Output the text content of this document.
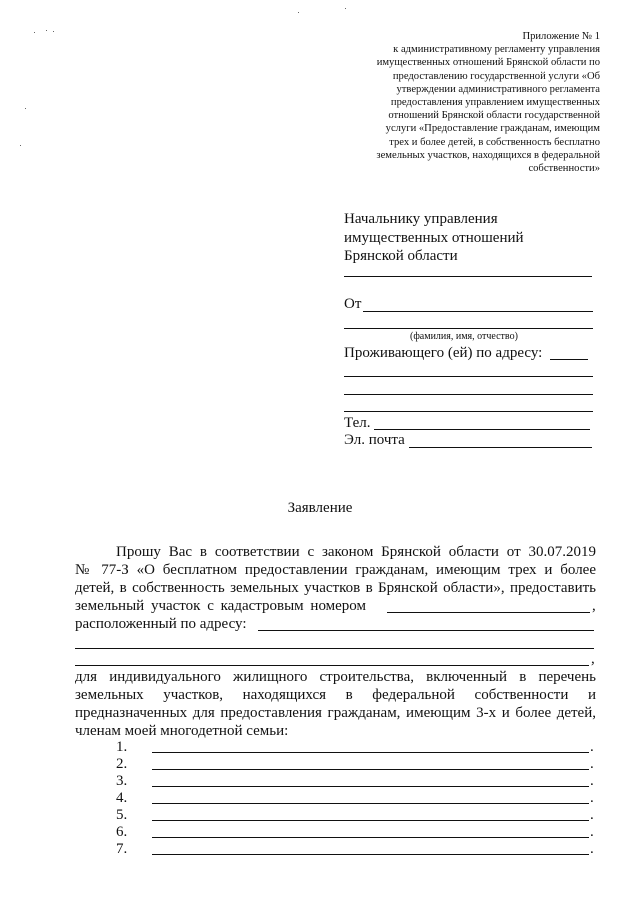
Приложение № 1
к административному регламенту управления
имущественных отношений Брянской области по
предоставлению государственной услуги «Об
утверждении административного регламента
предоставления управлением имущественных
отношений Брянской области государственной
услуги «Предоставление гражданам, имеющим
трех и более детей, в собственность бесплатно
земельных участков, находящихся в федеральной
собственности»
Начальнику управления
имущественных отношений
Брянской области
От
(фамилия, имя, отчество)
Проживающего (ей) по адресу:
Тел.
Эл. почта
Заявление
Прошу Вас в соответствии с законом Брянской области от 30.07.2019
№ 77-З «О бесплатном предоставлении гражданам, имеющим трех и более
детей, в собственность земельных участков в Брянской области», предоставить
земельный участок с кадастровым номером	,
расположенный по адресу:
,
для индивидуального жилищного строительства, включенный в перечень
земельных участков, находящихся в федеральной собственности и
предназначенных для предоставления гражданам, имеющим 3-х и более детей,
членам моей многодетной семьи:
1.	.
2.	.
3.	.
4.	.
5.	.
6.	.
7.	.
